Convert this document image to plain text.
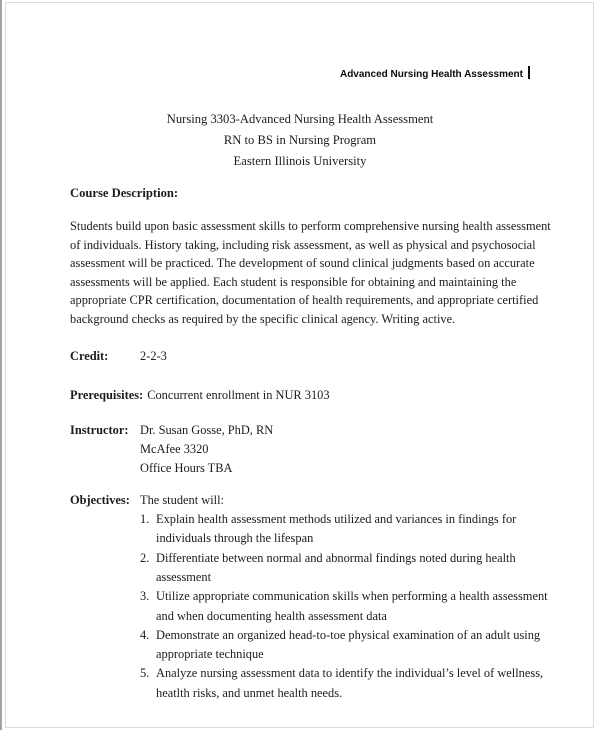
Advanced Nursing Health Assessment
Nursing 3303-Advanced Nursing Health Assessment
RN to BS in Nursing Program
Eastern Illinois University
Course Description:
Students build upon basic assessment skills to perform comprehensive nursing health assessment
of individuals. History taking, including risk assessment, as well as physical and psychosocial
assessment will be practiced. The development of sound clinical judgments based on accurate
assessments will be applied. Each student is responsible for obtaining and maintaining the
appropriate CPR certification, documentation of health requirements, and appropriate certified
background checks as required by the specific clinical agency. Writing active.
Credit:	2-2-3
Prerequisites: Concurrent enrollment in NUR 3103
Instructor: Dr. Susan Gosse, PhD, RN
McAfee 3320
Office Hours TBA
Objectives: The student will:
1. Explain health assessment methods utilized and variances in findings for
individuals through the lifespan
2. Differentiate between normal and abnormal findings noted during health
assessment
3. Utilize appropriate communication skills when performing a health assessment
and when documenting health assessment data
4. Demonstrate an organized head-to-toe physical examination of an adult using
appropriate technique
5. Analyze nursing assessment data to identify the individual’s level of wellness,
heatlth risks, and unmet health needs.
